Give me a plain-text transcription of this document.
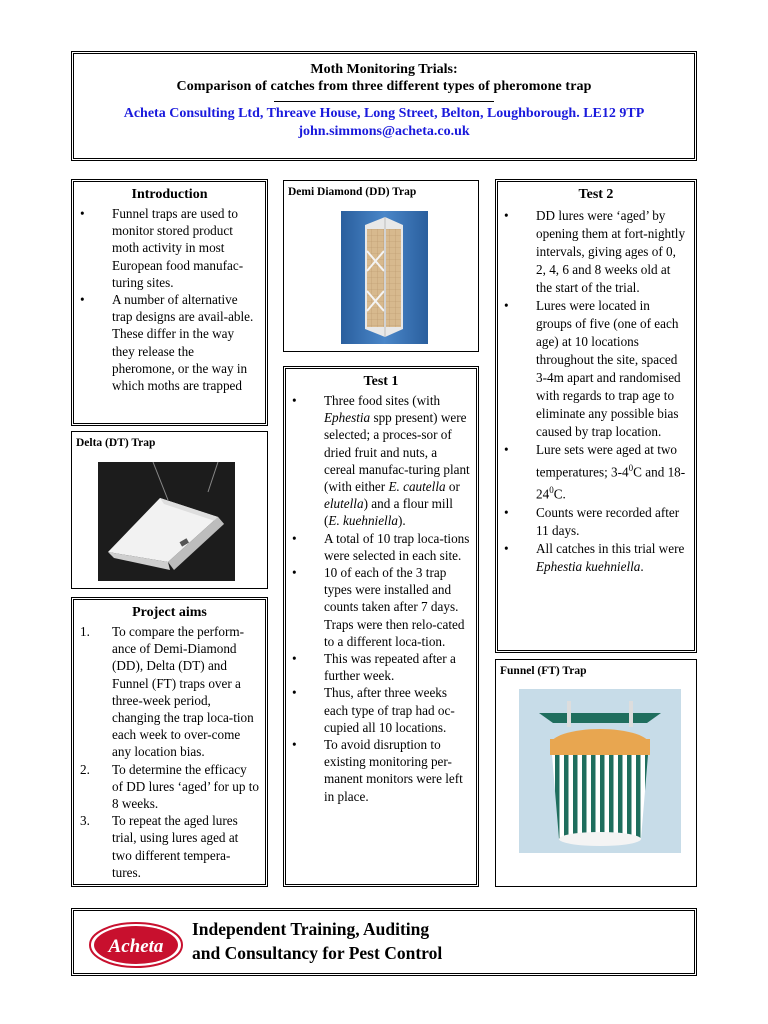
Moth Monitoring Trials:
Comparison of catches from three different types of pheromone trap
Acheta Consulting Ltd, Threave House, Long Street, Belton, Loughborough. LE12 9TP
john.simmons@acheta.co.uk
Introduction
• Funnel traps are used to monitor stored product moth activity in most European food manufac-turing sites.
• A number of alternative trap designs are avail-able. These differ in the way they release the pheromone, or the way in which moths are trapped
Delta (DT) Trap
Project aims
1. To compare the perform-ance of Demi-Diamond (DD), Delta (DT) and Funnel (FT) traps over a three-week period, changing the trap loca-tion each week to over-come any location bias.
2. To determine the efficacy of DD lures ‘aged’ for up to 8 weeks.
3. To repeat the aged lures trial, using lures aged at two different tempera-tures.
Demi Diamond (DD) Trap
Test 1
• Three food sites (with Ephestia spp present) were selected; a proces-sor of dried fruit and nuts, a cereal manufac-turing plant (with either E. cautella or elutella) and a flour mill (E. kuehniella).
• A total of 10 trap loca-tions were selected in each site.
• 10 of each of the 3 trap types were installed and counts taken after 7 days. Traps were then relo-cated to a different loca-tion.
• This was repeated after a further week.
• Thus, after three weeks each type of trap had oc-cupied all 10 locations.
• To avoid disruption to existing monitoring per-manent monitors were left in place.
Test 2
• DD lures were ‘aged’ by opening them at fort-nightly intervals, giving ages of 0, 2, 4, 6 and 8 weeks old at the start of the trial.
• Lures were located in groups of five (one of each age) at 10 locations throughout the site, spaced 3-4m apart and randomised with regards to trap age to eliminate any possible bias caused by trap location.
• Lure sets were aged at two temperatures; $3-4^0C$ and $18-24^0C$.
• Counts were recorded after 11 days.
• All catches in this trial were Ephestia kuehniella.
Funnel (FT) Trap
Acheta
Independent Training, Auditing
and Consultancy for Pest Control
